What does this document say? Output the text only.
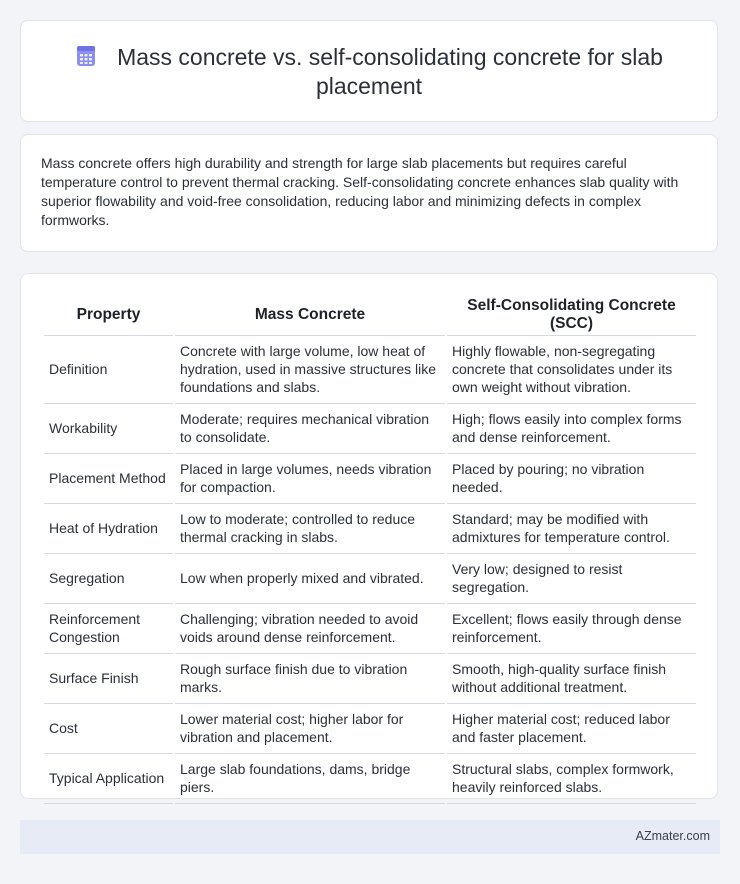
Mass concrete vs. self-consolidating concrete for slab placement
Mass concrete offers high durability and strength for large slab placements but requires careful temperature control to prevent thermal cracking. Self-consolidating concrete enhances slab quality with superior flowability and void-free consolidation, reducing labor and minimizing defects in complex formworks.
Property	Mass Concrete	Self-Consolidating Concrete (SCC)
Definition	Concrete with large volume, low heat of hydration, used in massive structures like foundations and slabs.	Highly flowable, non-segregating concrete that consolidates under its own weight without vibration.
Workability	Moderate; requires mechanical vibration to consolidate.	High; flows easily into complex forms and dense reinforcement.
Placement Method	Placed in large volumes, needs vibration for compaction.	Placed by pouring; no vibration needed.
Heat of Hydration	Low to moderate; controlled to reduce thermal cracking in slabs.	Standard; may be modified with admixtures for temperature control.
Segregation	Low when properly mixed and vibrated.	Very low; designed to resist segregation.
Reinforcement Congestion	Challenging; vibration needed to avoid voids around dense reinforcement.	Excellent; flows easily through dense reinforcement.
Surface Finish	Rough surface finish due to vibration marks.	Smooth, high-quality surface finish without additional treatment.
Cost	Lower material cost; higher labor for vibration and placement.	Higher material cost; reduced labor and faster placement.
Typical Application	Large slab foundations, dams, bridge piers.	Structural slabs, complex formwork, heavily reinforced slabs.
AZmater.com
